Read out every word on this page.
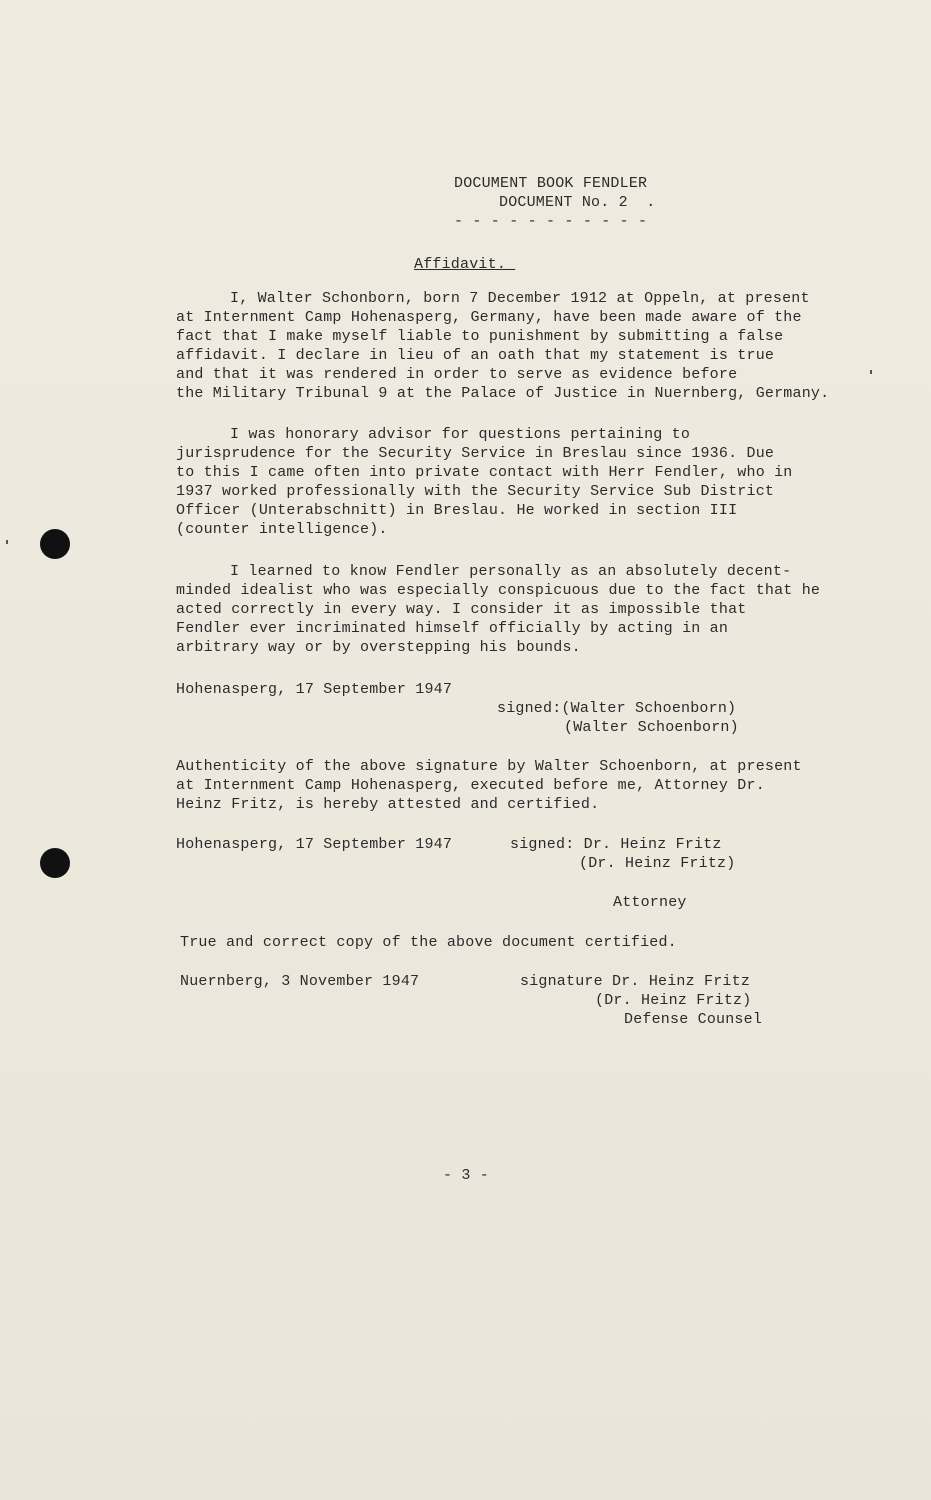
DOCUMENT BOOK FENDLER
DOCUMENT No. 2  .
- - - - - - - - - - -
Affidavit._
I, Walter Schonborn, born 7 December 1912 at Oppeln, at present
at Internment Camp Hohenasperg, Germany, have been made aware of the
fact that I make myself liable to punishment by submitting a false
affidavit. I declare in lieu of an oath that my statement is true
and that it was rendered in order to serve as evidence before
the Military Tribunal 9 at the Palace of Justice in Nuernberg, Germany.
I was honorary advisor for questions pertaining to
jurisprudence for the Security Service in Breslau since 1936. Due
to this I came often into private contact with Herr Fendler, who in
1937 worked professionally with the Security Service Sub District
Officer (Unterabschnitt) in Breslau. He worked in section III
(counter intelligence).
I learned to know Fendler personally as an absolutely decent-
minded idealist who was especially conspicuous due to the fact that he
acted correctly in every way. I consider it as impossible that
Fendler ever incriminated himself officially by acting in an
arbitrary way or by overstepping his bounds.
Hohenasperg, 17 September 1947
signed:(Walter Schoenborn)
(Walter Schoenborn)
Authenticity of the above signature by Walter Schoenborn, at present
at Internment Camp Hohenasperg, executed before me, Attorney Dr.
Heinz Fritz, is hereby attested and certified.
Hohenasperg, 17 September 1947	signed: Dr. Heinz Fritz
(Dr. Heinz Fritz)
Attorney
True and correct copy of the above document certified.
Nuernberg, 3 November 1947	signature Dr. Heinz Fritz
(Dr. Heinz Fritz)
Defense Counsel
- 3 -
